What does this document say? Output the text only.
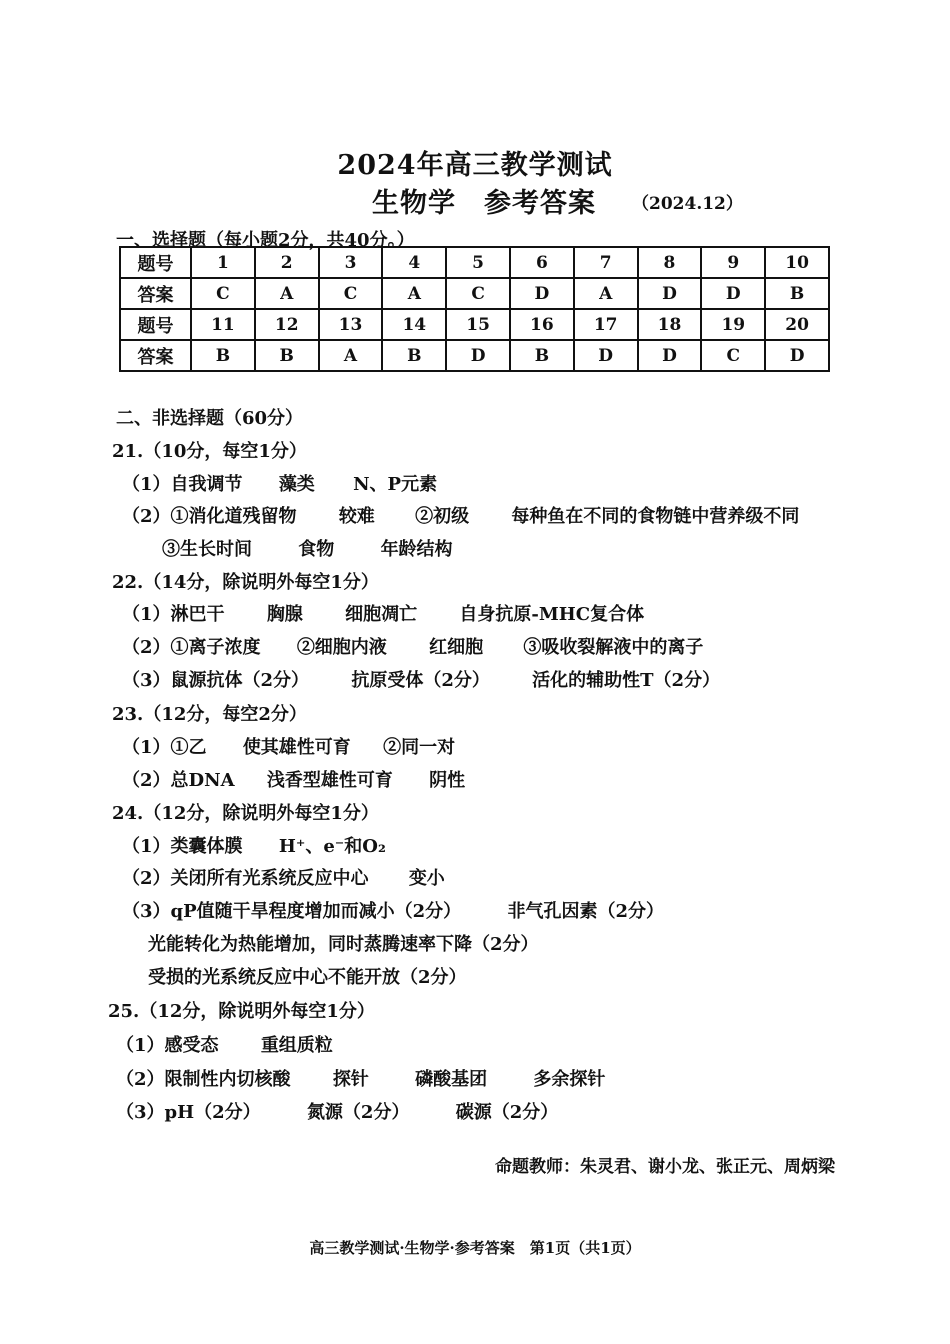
2024年高三教学测试
生物学　参考答案 （2024.12）
一、选择题（每小题2分，共40分。）
题号	1	2	3	4	5	6	7	8	9	10
答案	C	A	C	A	C	D	A	D	D	B
题号	11	12	13	14	15	16	17	18	19	20
答案	B	B	A	B	D	B	D	D	C	D
二、非选择题（60分）
21.（10分，每空1分）
（1）自我调节 藻类 N、P元素
（2）①消化道残留物 较难 ②初级 每种鱼在不同的食物链中营养级不同
③生长时间	食物	年龄结构
22.（14分，除说明外每空1分）
（1）淋巴干 胸腺 细胞凋亡 自身抗原-MHC复合体
（2）①离子浓度 ②细胞内液 红细胞 ③吸收裂解液中的离子
（3）鼠源抗体（2分） 抗原受体（2分） 活化的辅助性T（2分）
23.（12分，每空2分）
（1）①乙 使其雄性可育 ②同一对
（2）总DNA 浅香型雄性可育 阴性
24.（12分，除说明外每空1分）
（1）类囊体膜 H⁺、e⁻和O₂
（2）关闭所有光系统反应中心 变小
（3）qP值随干旱程度增加而减小（2分）	非气孔因素（2分）
光能转化为热能增加，同时蒸腾速率下降（2分）
受损的光系统反应中心不能开放（2分）
25.（12分，除说明外每空1分）
（1）感受态 重组质粒
（2）限制性内切核酸 探针	磷酸基团	多余探针
（3）pH（2分）	氮源（2分）	碳源（2分）
命题教师：朱灵君、谢小龙、张正元、周炳梁
高三教学测试·生物学·参考答案　第1页（共1页）
